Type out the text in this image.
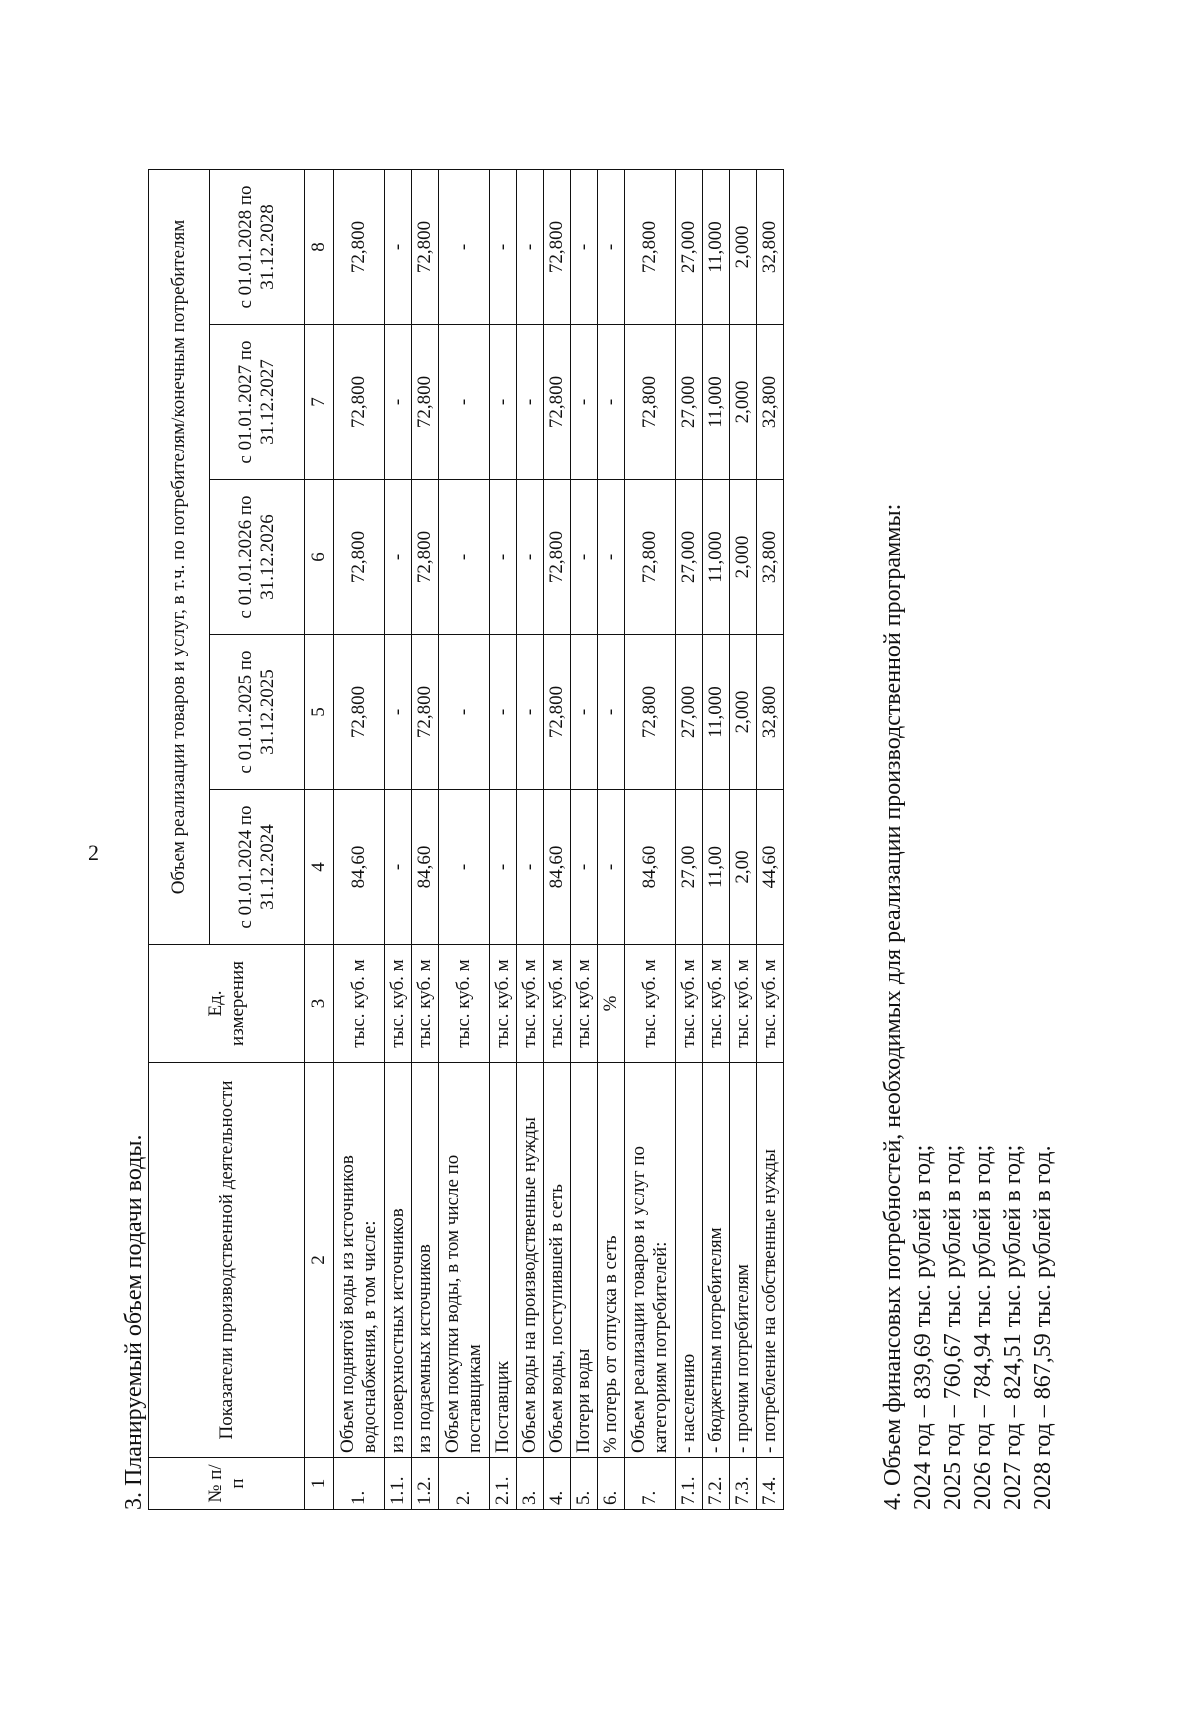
2
3. Планируемый объем подачи воды.	№ п/п	Показатели производственной деятельности	Ед. измерения	Объем реализации товаров и услуг, в т.ч. по потребителям/конечным потребителям				
			с 01.01.2024 по 31.12.2024	с 01.01.2025 по 31.12.2025	с 01.01.2026 по 31.12.2026	с 01.01.2027 по 31.12.2027	с 01.01.2028 по 31.12.2028
1	2	3	4	5	6	7	8
1.	Объем поднятой воды из источников водоснабжения, в том числе:	тыс. куб. м	84,60	72,800	72,800	72,800	72,800
1.1.	из поверхностных источников	тыс. куб. м	-	-	-	-	-
1.2.	из подземных источников	тыс. куб. м	84,60	72,800	72,800	72,800	72,800
2.	Объем покупки воды, в том числе по поставщикам	тыс. куб. м	-	-	-	-	-
2.1.	Поставщик	тыс. куб. м	-	-	-	-	-
3.	Объем воды на производственные нужды	тыс. куб. м	-	-	-	-	-
4.	Объем воды, поступившей в сеть	тыс. куб. м	84,60	72,800	72,800	72,800	72,800
5.	Потери воды	тыс. куб. м	-	-	-	-	-
6.	% потерь от отпуска в сеть	%	-	-	-	-	-
7.	Объем реализации товаров и услуг по категориям потребителей:	тыс. куб. м	84,60	72,800	72,800	72,800	72,800
7.1.	- населению	тыс. куб. м	27,00	27,000	27,000	27,000	27,000
7.2.	- бюджетным потребителям	тыс. куб. м	11,00	11,000	11,000	11,000	11,000
7.3.	- прочим потребителям	тыс. куб. м	2,00	2,000	2,000	2,000	2,000
7.4.	- потребление на собственные нужды	тыс. куб. м	44,60	32,800	32,800	32,800	32,800
4. Объем финансовых потребностей, необходимых для реализации производственной программы: 2024 год – 839,69 тыс. рублей в год; 2025 год – 760,67 тыс. рублей в год; 2026 год – 784,94 тыс. рублей в год; 2027 год – 824,51 тыс. рублей в год; 2028 год – 867,59 тыс. рублей в год.
